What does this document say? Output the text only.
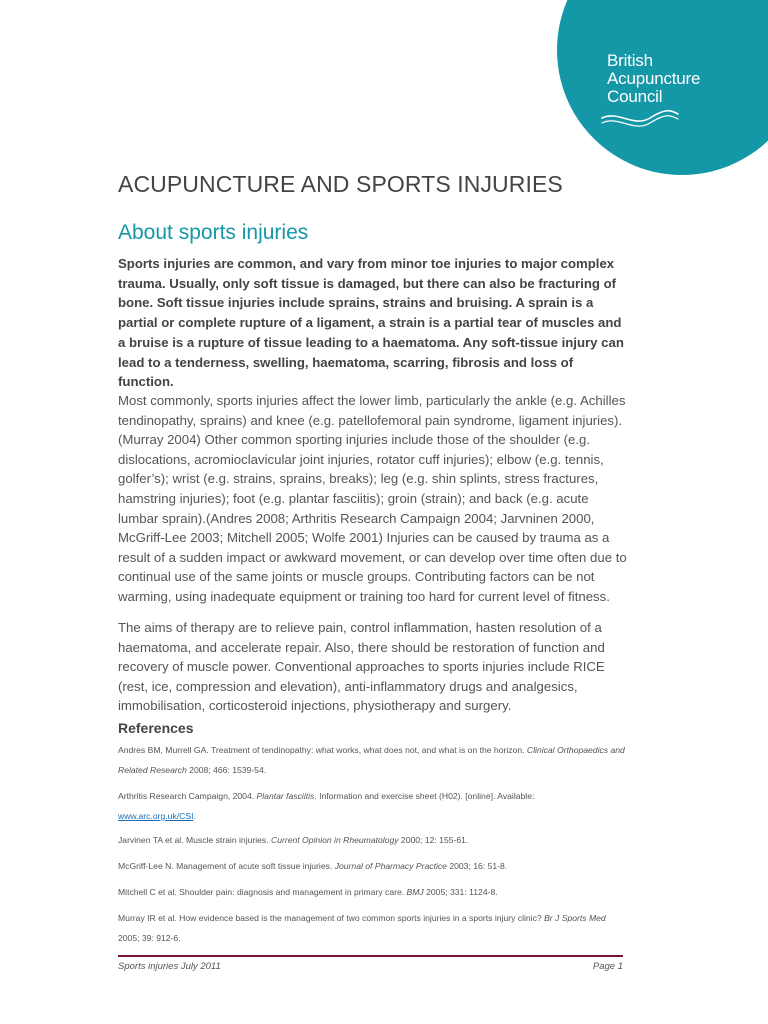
British
Acupuncture
Council
ACUPUNCTURE AND SPORTS INJURIES
About sports injuries

Sports injuries are common, and vary from minor toe injuries to major complex trauma. Usually, only soft tissue is damaged, but there can also be fracturing of bone. Soft tissue injuries include sprains, strains and bruising. A sprain is a partial or complete rupture of a ligament, a strain is a partial tear of muscles and a bruise is a rupture of tissue leading to a haematoma. Any soft-tissue injury can lead to a tenderness, swelling, haematoma, scarring, fibrosis and loss of function.

Most commonly, sports injuries affect the lower limb, particularly the ankle (e.g. Achilles tendinopathy, sprains) and knee (e.g. patellofemoral pain syndrome, ligament injuries).(Murray 2004) Other common sporting injuries include those of the shoulder (e.g. dislocations, acromioclavicular joint injuries, rotator cuff injuries); elbow (e.g. tennis, golfer’s); wrist (e.g. strains, sprains, breaks); leg (e.g. shin splints, stress fractures, hamstring injuries); foot (e.g. plantar fasciitis); groin (strain); and back (e.g. acute lumbar sprain).(Andres 2008; Arthritis Research Campaign 2004; Jarvninen 2000, McGriff-Lee 2003; Mitchell 2005; Wolfe 2001) Injuries can be caused by trauma as a result of a sudden impact or awkward movement, or can develop over time often due to continual use of the same joints or muscle groups. Contributing factors can be not warming, using inadequate equipment or training too hard for current level of fitness.

The aims of therapy are to relieve pain, control inflammation, hasten resolution of a haematoma, and accelerate repair. Also, there should be restoration of function and recovery of muscle power. Conventional approaches to sports injuries include RICE (rest, ice, compression and elevation), anti-inflammatory drugs and analgesics, immobilisation, corticosteroid injections, physiotherapy and surgery.

References

Andres BM, Murrell GA. Treatment of tendinopathy: what works, what does not, and what is on the horizon. Clinical Orthopaedics and Related Research 2008; 466: 1539-54.

Arthritis Research Campaign, 2004. Plantar fasciitis. Information and exercise sheet (H02). [online]. Available:
www.arc.org.uk/CSI.

Jarvinen TA et al. Muscle strain injuries. Current Opinion in Rheumatology 2000; 12: 155-61.

McGriff-Lee N. Management of acute soft tissue injuries. Journal of Pharmacy Practice 2003; 16: 51-8.

Mitchell C et al. Shoulder pain: diagnosis and management in primary care. BMJ 2005; 331: 1124-8.

Murray IR et al. How evidence based is the management of two common sports injuries in a sports injury clinic? Br J Sports Med 2005; 39: 912-6.

Sports injuries July 2011	Page 1
